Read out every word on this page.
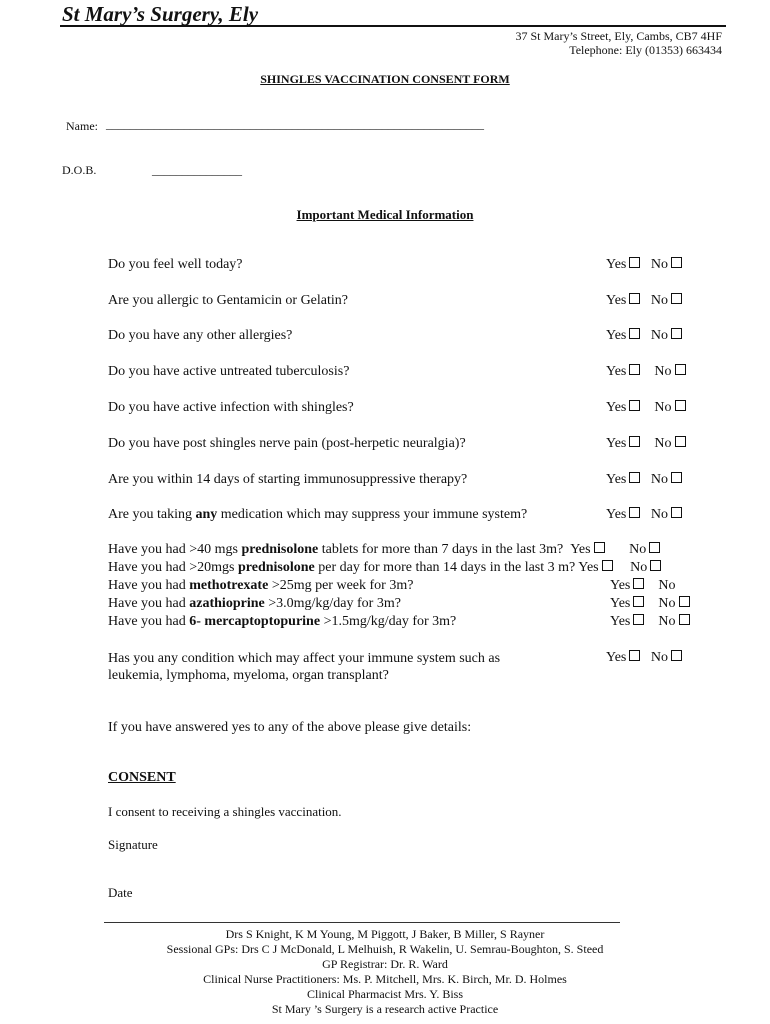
St Mary’s Surgery, Ely
37 St Mary’s Street, Ely, Cambs, CB7 4HF
Telephone: Ely (01353) 663434
SHINGLES VACCINATION CONSENT FORM
Name: _______________________________________________________________
D.O.B.	_______________
Important Medical Information
Do you feel well today?	Yes No
Are you allergic to Gentamicin or Gelatin?	Yes No
Do you have any other allergies?	Yes No
Do you have active untreated tuberculosis?	Yes No
Do you have active infection with shingles?	Yes No
Do you have post shingles nerve pain (post-herpetic neuralgia)?	Yes No
Are you within 14 days of starting immunosuppressive therapy?	Yes No
Are you taking any medication which may suppress your immune system?	Yes No
Have you had >40 mgs prednisolone tablets for more than 7 days in the last 3m? Yes	No
Have you had >20mgs prednisolone per day for more than 14 days in the last 3 m? Yes No
Have you had methotrexate >25mg per week for 3m?	Yes No
Have you had azathioprine >3.0mg/kg/day for 3m?	Yes No
Have you had 6- mercaptoptopurine >1.5mg/kg/day for 3m?	Yes No
Has you any condition which may affect your immune system such as
leukemia, lymphoma, myeloma, organ transplant?
Yes No
If you have answered yes to any of the above please give details:
CONSENT
I consent to receiving a shingles vaccination.
Signature
Date
Drs S Knight, K M Young, M Piggott, J Baker, B Miller, S Rayner
Sessional GPs: Drs C J McDonald, L Melhuish, R Wakelin, U. Semrau-Boughton, S. Steed
GP Registrar: Dr. R. Ward
Clinical Nurse Practitioners: Ms. P. Mitchell, Mrs. K. Birch, Mr. D. Holmes
Clinical Pharmacist Mrs. Y. Biss
St Mary ’s Surgery is a research active Practice
